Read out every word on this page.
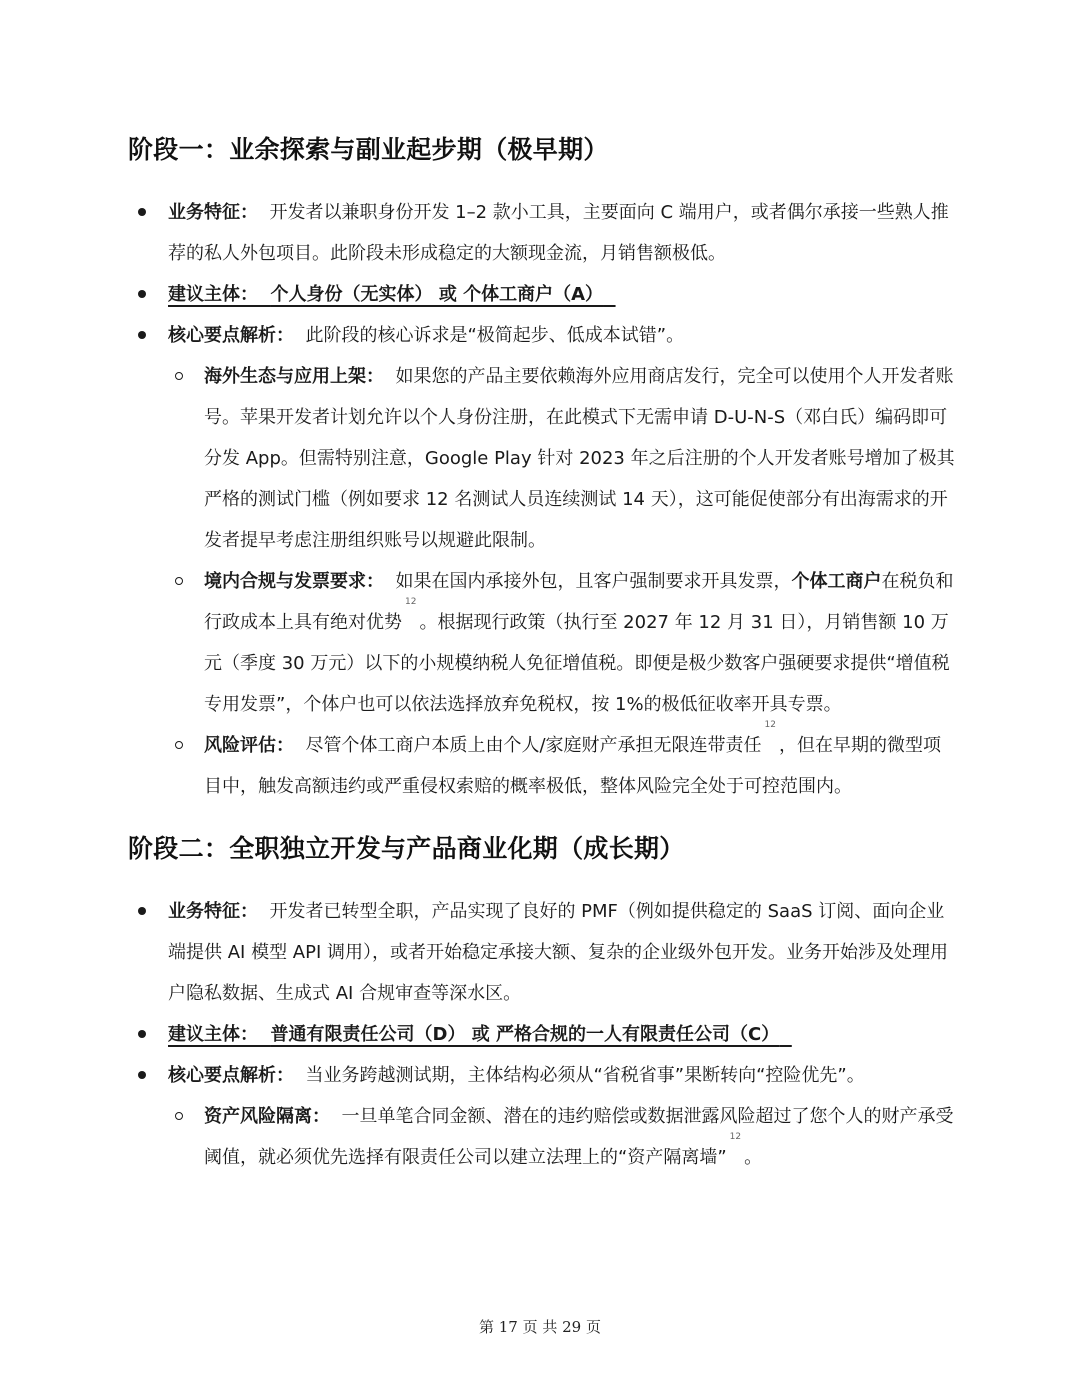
阶段一：业余探索与副业起步期（极早期）
业务特征： 开发者以兼职身份开发 1–2 款小工具，主要面向 C 端用户，或者偶尔承接一些熟人推荐的私人外包项目。此阶段未形成稳定的大额现金流，月销售额极低。
建议主体： 个人身份（无实体） 或 个体工商户（A）
核心要点解析： 此阶段的核心诉求是“极简起步、低成本试错”。
海外生态与应用上架： 如果您的产品主要依赖海外应用商店发行，完全可以使用个人开发者账号。苹果开发者计划允许以个人身份注册，在此模式下无需申请 D-U-N-S（邓白氏）编码即可分发 App。但需特别注意，Google Play 针对 2023 年之后注册的个人开发者账号增加了极其严格的测试门槛（例如要求 12 名测试人员连续测试 14 天），这可能促使部分有出海需求的开发者提早考虑注册组织账号以规避此限制。
境内合规与发票要求： 如果在国内承接外包，且客户强制要求开具发票，个体工商户在税负和行政成本上具有绝对优势$^{12}$。根据现行政策（执行至 2027 年 12 月 31 日），月销售额 10 万元（季度 30 万元）以下的小规模纳税人免征增值税。即便是极少数客户强硬要求提供“增值税专用发票”，个体户也可以依法选择放弃免税权，按 1%的极低征收率开具专票。
风险评估： 尽管个体工商户本质上由个人/家庭财产承担无限连带责任$^{12}$，但在早期的微型项目中，触发高额违约或严重侵权索赔的概率极低，整体风险完全处于可控范围内。
阶段二：全职独立开发与产品商业化期（成长期）
业务特征： 开发者已转型全职，产品实现了良好的 PMF（例如提供稳定的 SaaS 订阅、面向企业端提供 AI 模型 API 调用），或者开始稳定承接大额、复杂的企业级外包开发。业务开始涉及处理用户隐私数据、生成式 AI 合规审查等深水区。
建议主体： 普通有限责任公司（D） 或 严格合规的一人有限责任公司（C）
核心要点解析： 当业务跨越测试期，主体结构必须从“省税省事”果断转向“控险优先”。
资产风险隔离： 一旦单笔合同金额、潜在的违约赔偿或数据泄露风险超过了您个人的财产承受阈值，就必须优先选择有限责任公司以建立法理上的“资产隔离墙”$^{12}$。
第 17 页 共 29 页
